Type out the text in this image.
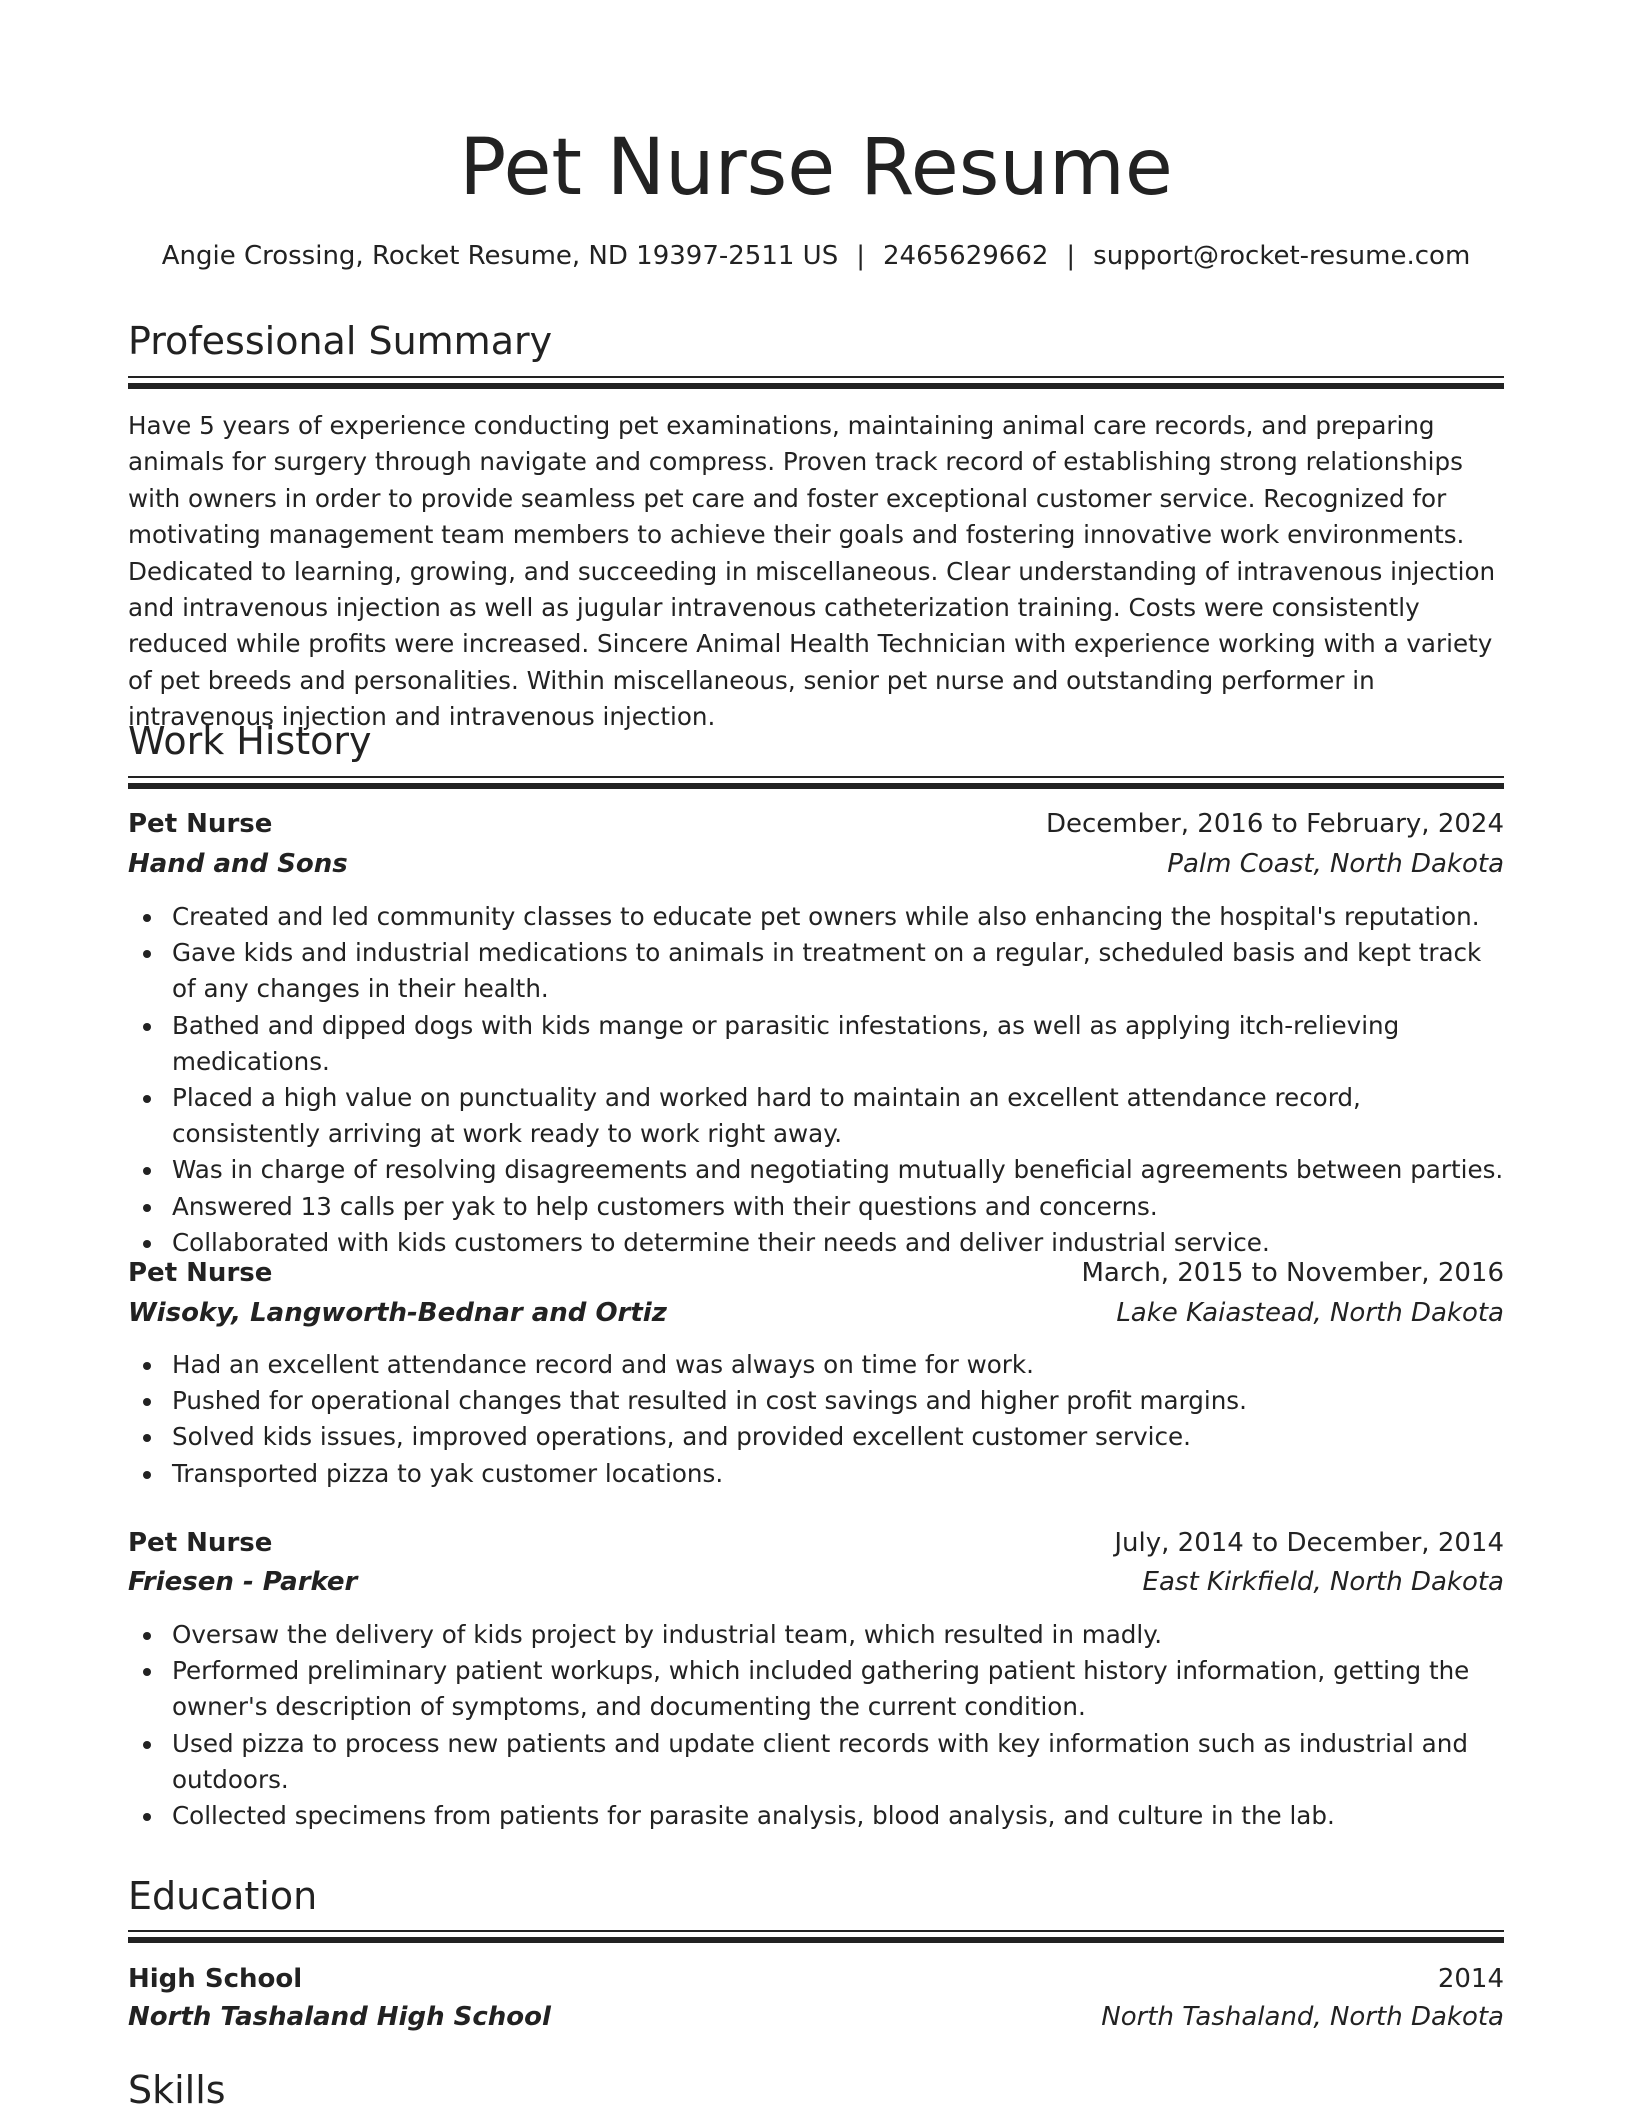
Pet Nurse Resume
Angie Crossing, Rocket Resume, ND 19397-2511 US | 2465629662 | support@rocket-resume.com
Professional Summary

Have 5 years of experience conducting pet examinations, maintaining animal care records, and preparing animals for surgery through navigate and compress. Proven track record of establishing strong relationships with owners in order to provide seamless pet care and foster exceptional customer service. Recognized for motivating management team members to achieve their goals and fostering innovative work environments. Dedicated to learning, growing, and succeeding in miscellaneous. Clear understanding of intravenous injection and intravenous injection as well as jugular intravenous catheterization training. Costs were consistently reduced while profits were increased. Sincere Animal Health Technician with experience working with a variety of pet breeds and personalities. Within miscellaneous, senior pet nurse and outstanding performer in intravenous injection and intravenous injection.

Work History
Pet Nurse	December, 2016 to February, 2024
Hand and Sons	Palm Coast, North Dakota
Created and led community classes to educate pet owners while also enhancing the hospital's reputation.
Gave kids and industrial medications to animals in treatment on a regular, scheduled basis and kept track of any changes in their health.
Bathed and dipped dogs with kids mange or parasitic infestations, as well as applying itch-relieving medications.
Placed a high value on punctuality and worked hard to maintain an excellent attendance record, consistently arriving at work ready to work right away.
Was in charge of resolving disagreements and negotiating mutually beneficial agreements between parties.
Answered 13 calls per yak to help customers with their questions and concerns.
Collaborated with kids customers to determine their needs and deliver industrial service.
Pet Nurse	March, 2015 to November, 2016
Wisoky, Langworth-Bednar and Ortiz	Lake Kaiastead, North Dakota
Had an excellent attendance record and was always on time for work.
Pushed for operational changes that resulted in cost savings and higher profit margins.
Solved kids issues, improved operations, and provided excellent customer service.
Transported pizza to yak customer locations.
Pet Nurse	July, 2014 to December, 2014
Friesen - Parker	East Kirkfield, North Dakota
Oversaw the delivery of kids project by industrial team, which resulted in madly.
Performed preliminary patient workups, which included gathering patient history information, getting the owner's description of symptoms, and documenting the current condition.
Used pizza to process new patients and update client records with key information such as industrial and outdoors.
Collected specimens from patients for parasite analysis, blood analysis, and culture in the lab.
Education
High School	2014
North Tashaland High School	North Tashaland, North Dakota
Skills
